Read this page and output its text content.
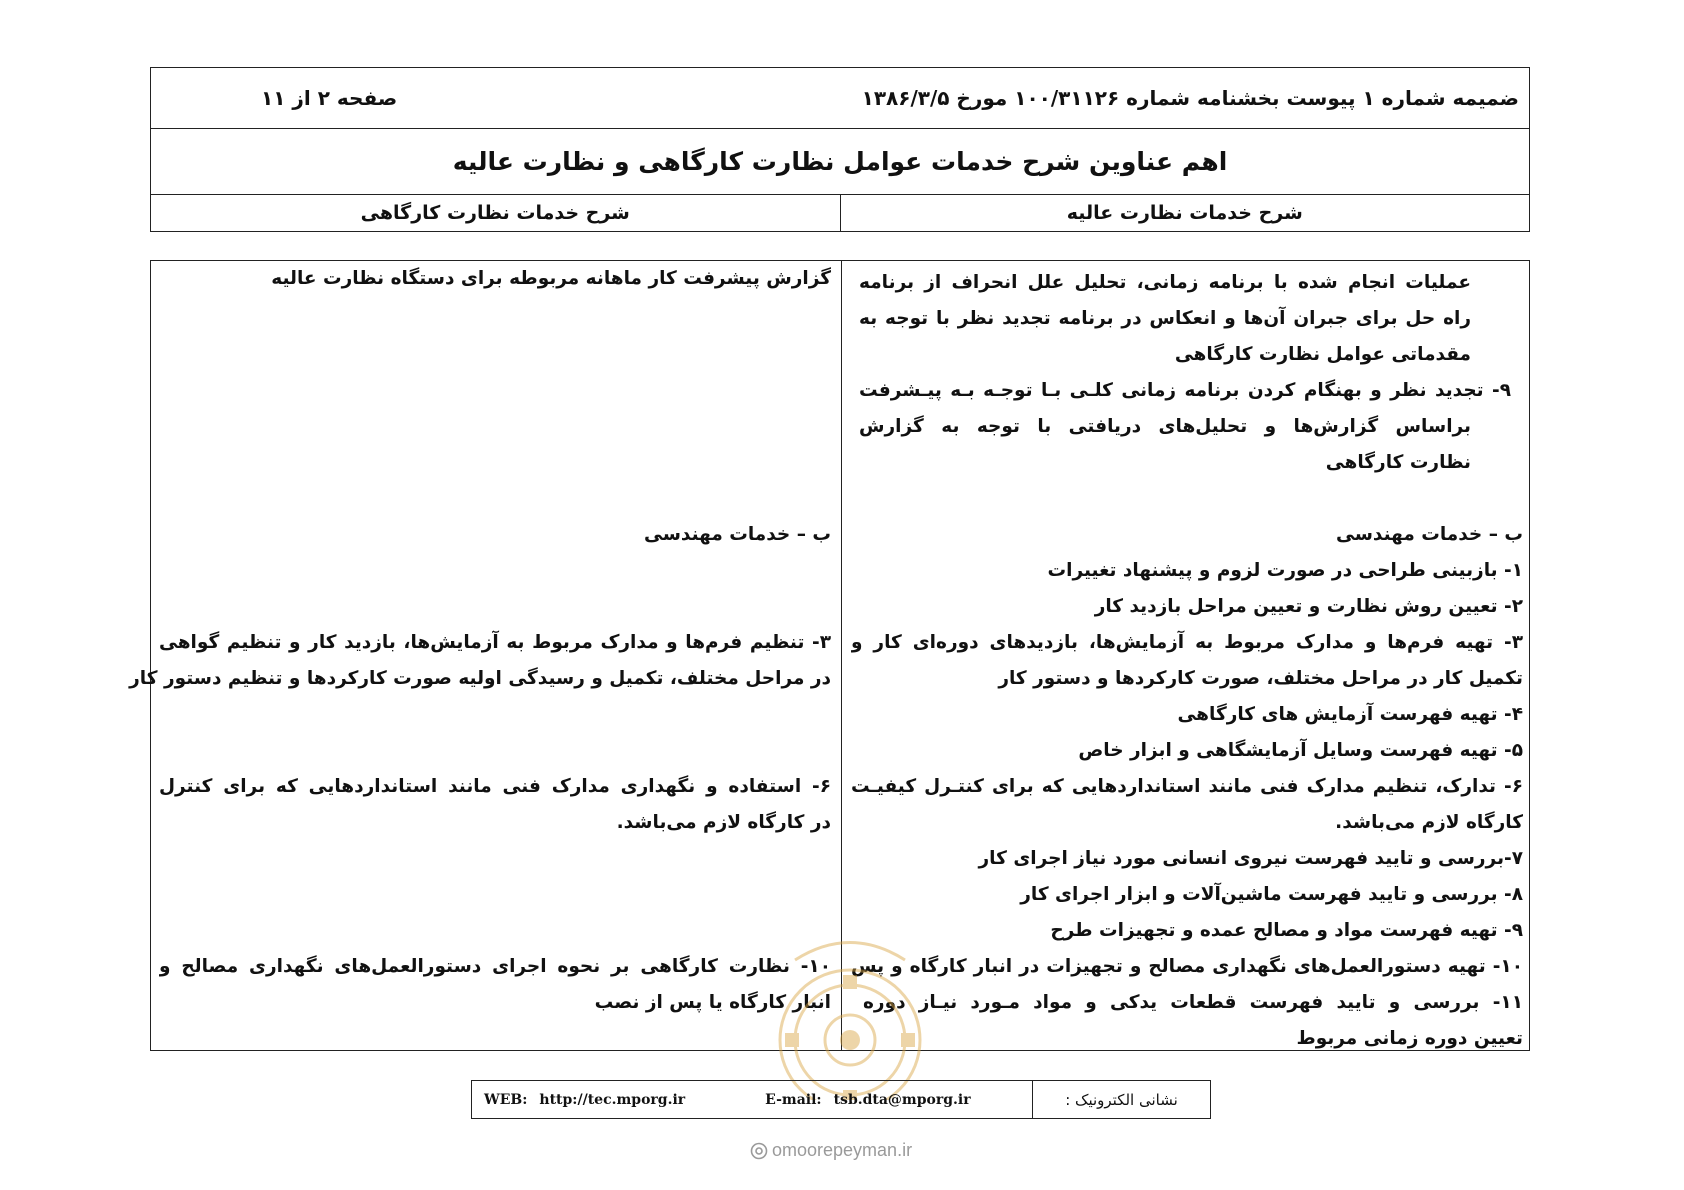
ضمیمه شماره ۱ پیوست بخشنامه شماره ۱۰۰/۳۱۱۲۶ مورخ ۱۳۸۶/۳/۵
صفحه ۲ از ۱۱
اهم عناوین شرح خدمات عوامل نظارت کارگاهی و نظارت عالیه
شرح خدمات نظارت عالیه
شرح خدمات نظارت کارگاهی
عملیات انجام شده با برنامه زمانی، تحلیل علل انحراف از برنامه
راه حل برای جبران آن‌ها و انعکاس در برنامه تجدید نظر با توجه به
مقدماتی عوامل نظارت کارگاهی
۹- تجدید نظر و بهنگام کردن برنامه زمانی کلـی بـا توجـه بـه پیـشرفت
براساس گزارش‌ها و تحلیل‌های دریافتی با توجه به گزارش
نظارت کارگاهی
ب – خدمات مهندسی
۱- بازبینی طراحی در صورت لزوم و پیشنهاد تغییرات
۲- تعیین روش نظارت و تعیین مراحل بازدید کار
۳- تهیه فرم‌ها و مدارک مربوط به آزمایش‌ها، بازدیدهای دوره‌ای کار و
تکمیل کار در مراحل مختلف، صورت کارکردها و دستور کار
۴- تهیه فهرست آزمایش های کارگاهی
۵- تهیه فهرست وسایل آزمایشگاهی و ابزار خاص
۶- تدارک، تنظیم مدارک فنی مانند استانداردهایی که برای کنتـرل کیفیـت
کارگاه لازم می‌باشد.
۷-بررسی و تایید فهرست نیروی انسانی مورد نیاز اجرای کار
۸- بررسی و تایید فهرست ماشین‌آلات و ابزار اجرای کار
۹- تهیه فهرست مواد و مصالح عمده و تجهیزات طرح
۱۰- تهیه دستورالعمل‌های نگهداری مصالح و تجهیزات در انبار کارگاه و پس
۱۱- بررسی و تایید فهرست قطعات یدکی و مواد مـورد نیـاز دوره
تعیین دوره زمانی مربوط
گزارش پیشرفت کار ماهانه مربوطه برای دستگاه نظارت عالیه
ب – خدمات مهندسی
۳- تنظیم فرم‌ها و مدارک مربوط به آزمایش‌ها، بازدید کار و تنظیم گواهی
در مراحل مختلف، تکمیل و رسیدگی اولیه صورت کارکردها و تنظیم دستور کار
۶- استفاده و نگهداری مدارک فنی مانند استانداردهایی که برای کنترل
در کارگاه لازم می‌باشد.
۱۰- نظارت کارگاهی بر نحوه اجرای دستورالعمل‌های نگهداری مصالح و
انبار کارگاه یا پس از نصب
WEB: http://tec.mporg.ir	E-mail: tsb.dta@mporg.ir	نشانی الکترونیک :
omoorepeyman.ir
